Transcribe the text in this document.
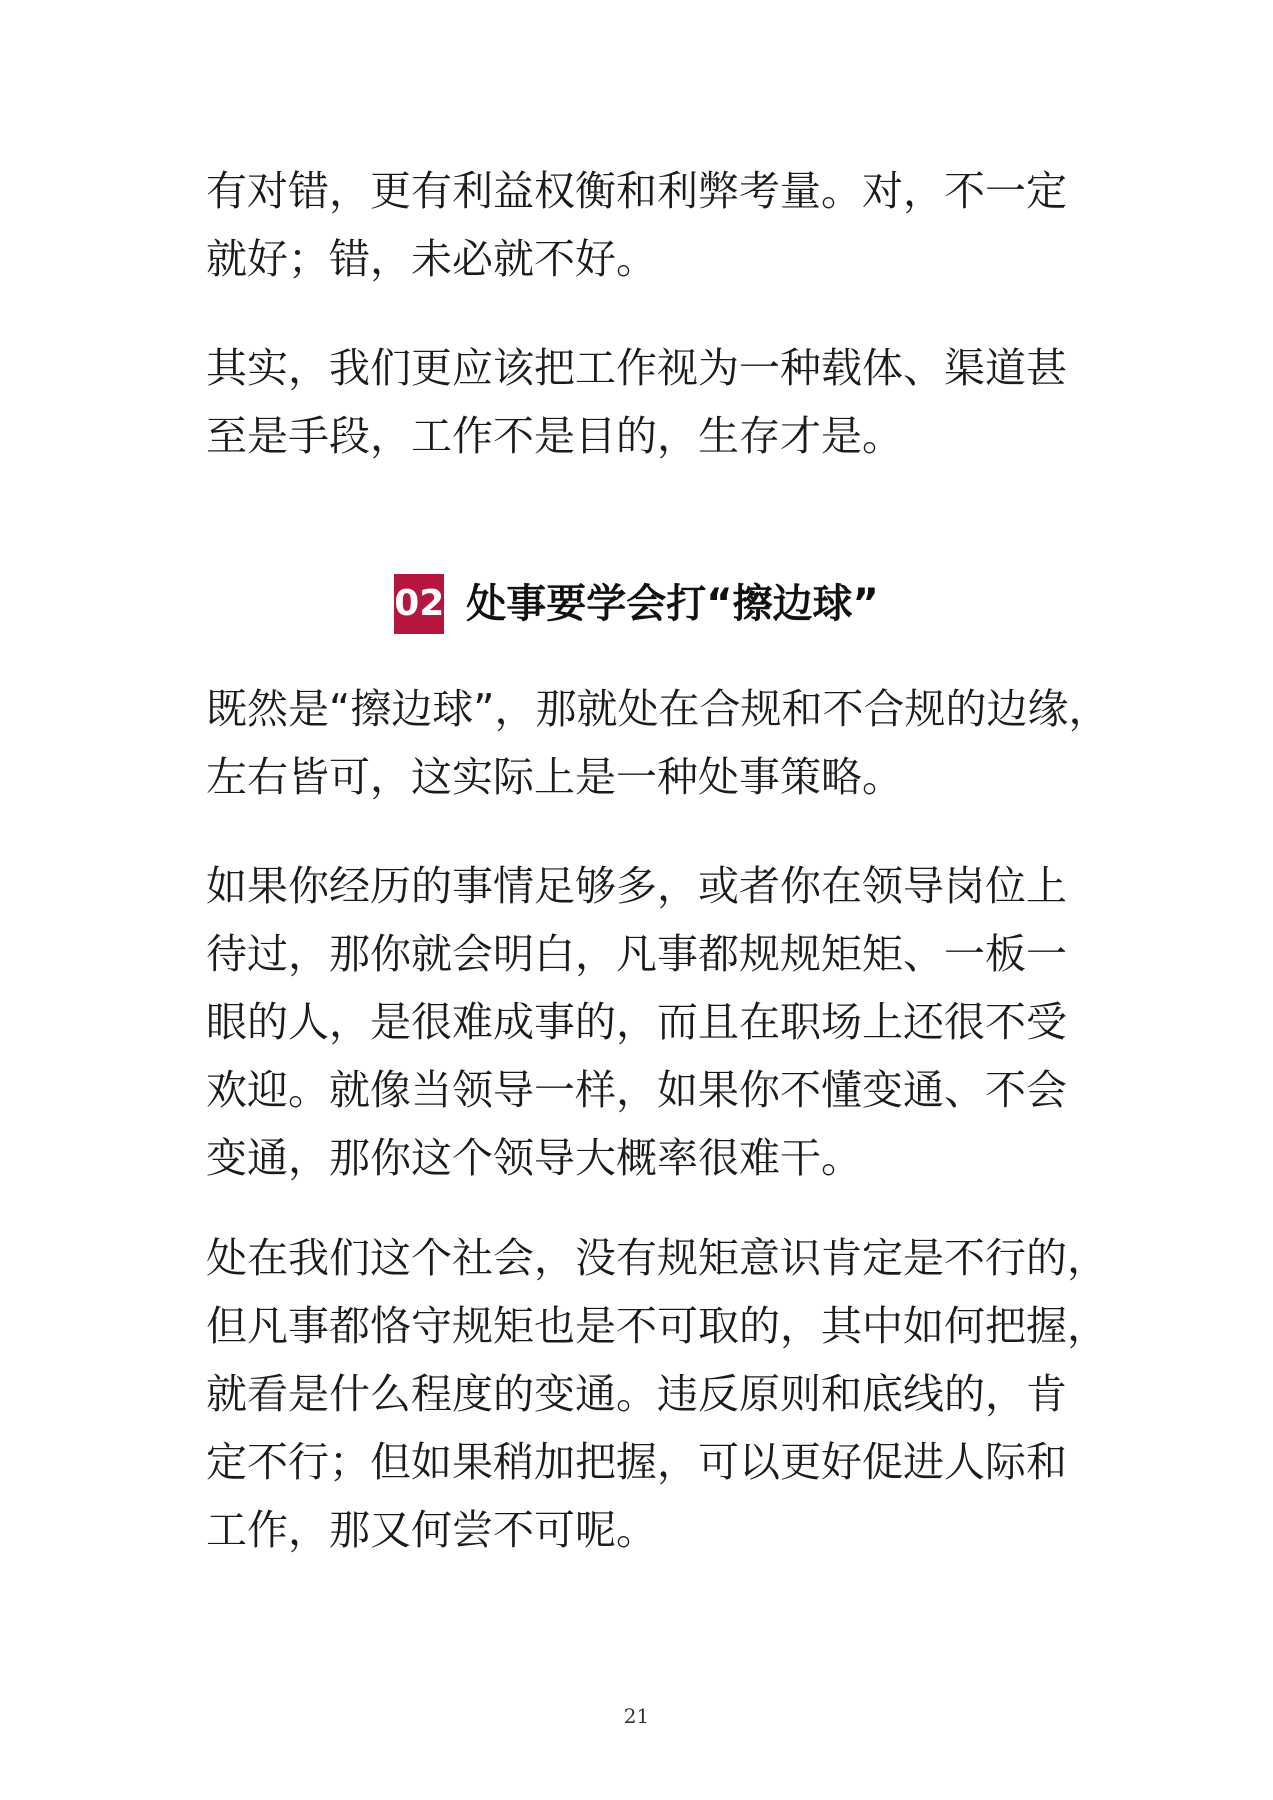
有对错，更有利益权衡和利弊考量。对，不一定
就好；错，未必就不好。
其实，我们更应该把工作视为一种载体、渠道甚
至是手段，工作不是目的，生存才是。
02 处事要学会打“擦边球”
既然是“擦边球”，那就处在合规和不合规的边缘，
左右皆可，这实际上是一种处事策略。
如果你经历的事情足够多，或者你在领导岗位上
待过，那你就会明白，凡事都规规矩矩、一板一
眼的人，是很难成事的，而且在职场上还很不受
欢迎。就像当领导一样，如果你不懂变通、不会
变通，那你这个领导大概率很难干。
处在我们这个社会，没有规矩意识肯定是不行的，
但凡事都恪守规矩也是不可取的，其中如何把握，
就看是什么程度的变通。违反原则和底线的，肯
定不行；但如果稍加把握，可以更好促进人际和
工作，那又何尝不可呢。
21
